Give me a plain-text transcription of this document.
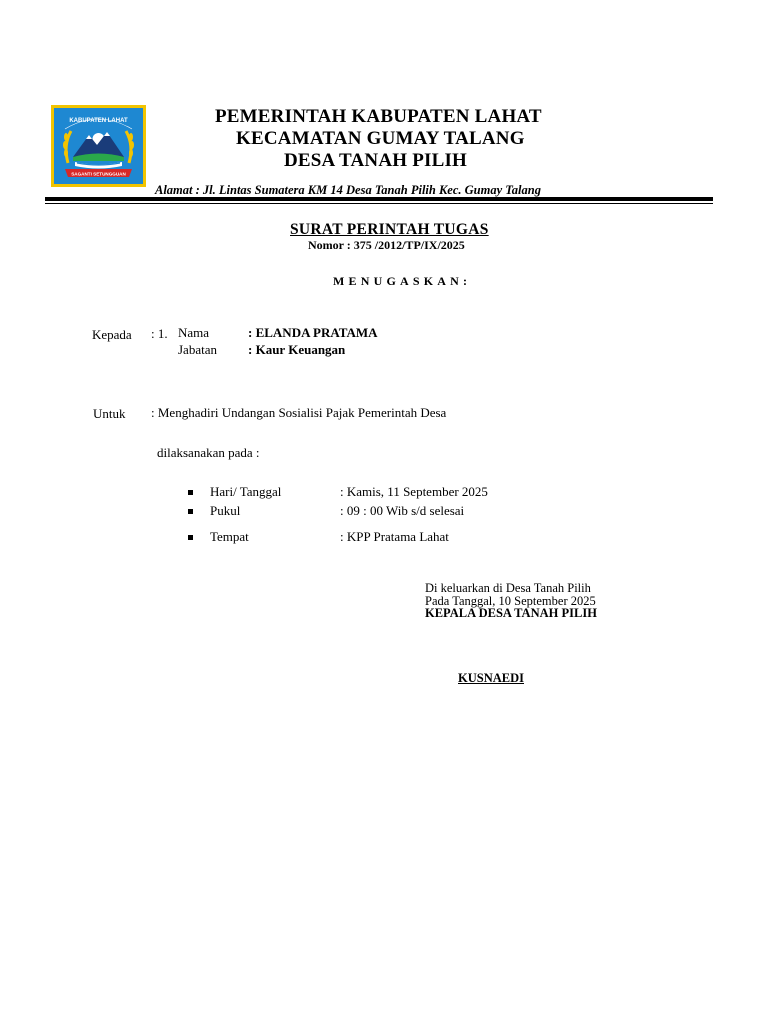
KABUPATEN LAHAT
SAGANTI SETUNGGUAN
PEMERINTAH KABUPATEN LAHAT
KECAMATAN GUMAY TALANG
DESA TANAH PILIH
Alamat : Jl. Lintas Sumatera KM 14 Desa Tanah Pilih Kec. Gumay Talang
SURAT PERINTAH TUGAS
Nomor : 375 /2012/TP/IX/2025
MENUGASKAN:
Kepada : 1. Nama	: ELANDA PRATAMA
Jabatan : Kaur Keuangan
Untuk : Menghadiri Undangan Sosialisi Pajak Pemerintah Desa
dilaksanakan pada :
Hari/ Tanggal	: Kamis, 11 September 2025
Pukul	: 09 : 00 Wib s/d selesai
Tempat	: KPP Pratama Lahat
Di keluarkan di Desa Tanah Pilih
Pada Tanggal, 10 September 2025
KEPALA DESA TANAH PILIH
KUSNAEDI
